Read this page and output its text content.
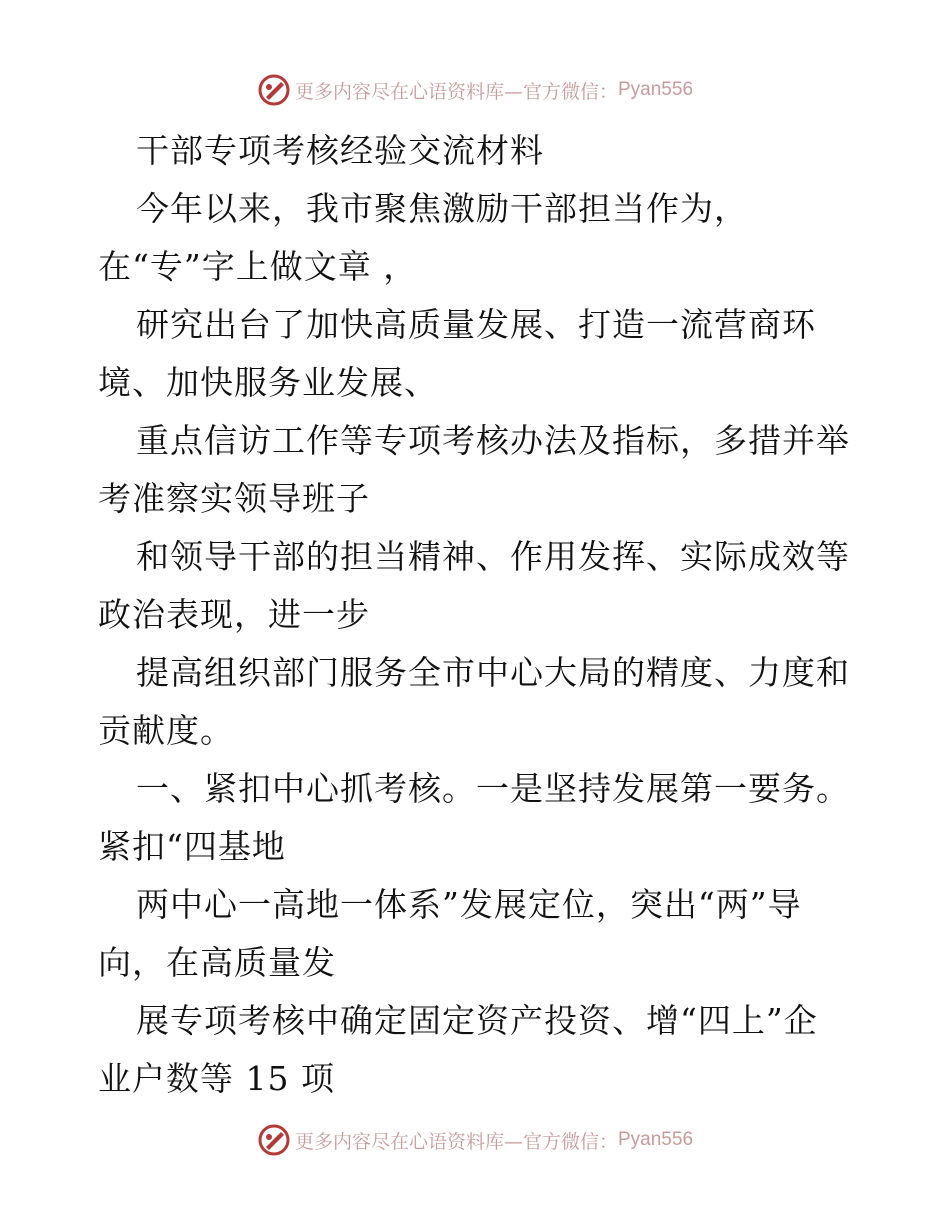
更多内容尽在心语资料库—官方微信： Pyan556
干部专项考核经验交流材料
今年以来，我市聚焦激励干部担当作为，
在“专”字上做文章 ，
研究出台了加快高质量发展、打造一流营商环
境、加快服务业发展、
重点信访工作等专项考核办法及指标，多措并举
考准察实领导班子
和领导干部的担当精神、作用发挥、实际成效等
政治表现，进一步
提高组织部门服务全市中心大局的精度、力度和
贡献度。
一、紧扣中心抓考核。一是坚持发展第一要务。
紧扣“四基地
两中心一高地一体系”发展定位，突出“两”导
向，在高质量发
展专项考核中确定固定资产投资、增“四上”企
业户数等 15 项
更多内容尽在心语资料库—官方微信： Pyan556
